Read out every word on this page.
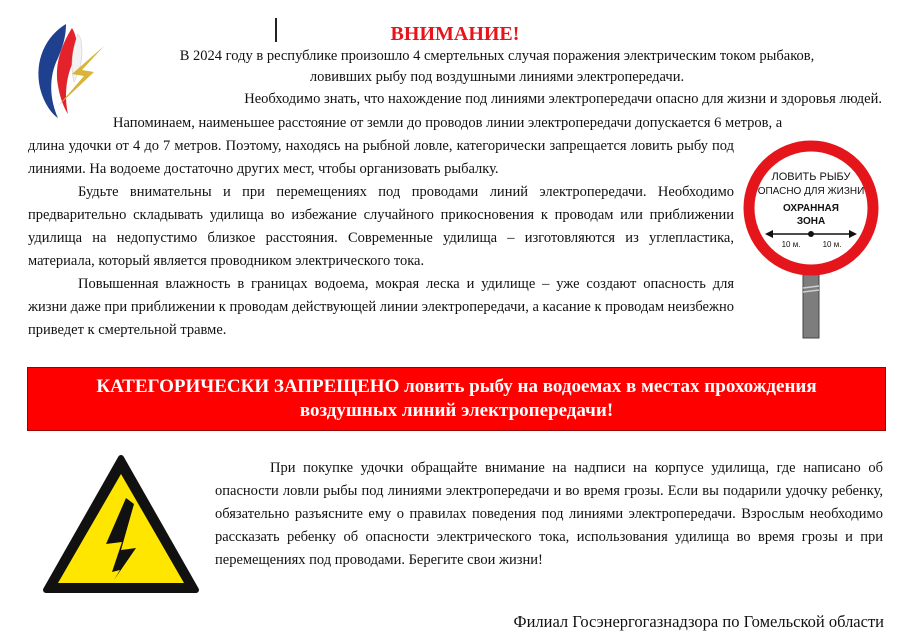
ВНИМАНИЕ!

В 2024 году в республике произошло 4 смертельных случая поражения электрическим током рыбаков,
ловивших рыбу под воздушными линиями электропередачи.

Необходимо знать, что нахождение под линиями электропередачи опасно для жизни и здоровья людей.

Напоминаем, наименьшее расстояние от земли до проводов линии электропередачи допускается 6 метров, а

длина удочки от 4 до 7 метров. Поэтому, находясь на рыбной ловле, категорически запрещается ловить рыбу под линиями. На водоеме достаточно других мест, чтобы организовать рыбалку.

Будьте внимательны и при перемещениях под проводами линий электропередачи. Необходимо предварительно складывать удилища во избежание случайного прикосновения к проводам или приближении удилища на недопустимо близкое расстояния. Современные удилища – изготовляются из углепластика, материала, который является проводником электрического тока.

Повышенная влажность в границах водоема, мокрая леска и удилище – уже создают опасность для жизни даже при приближении к проводам действующей линии электропередачи, а касание к проводам неизбежно приведет к смертельной травме.

ЛОВИТЬ РЫБУ
ОПАСНО ДЛЯ ЖИЗНИ
ОХРАННАЯ
ЗОНА
10 м.	10 м.
КАТЕГОРИЧЕСКИ ЗАПРЕЩЕНО ловить рыбу на водоемах в местах прохождения
воздушных линий электропередачи!

При покупке удочки обращайте внимание на надписи на корпусе удилища, где написано об опасности ловли рыбы под линиями электропередачи и во время грозы. Если вы подарили удочку ребенку, обязательно разъясните ему о правилах поведения под линиями электропередачи. Взрослым необходимо рассказать ребенку об опасности электрического тока, использования удилища во время грозы и при перемещениях под проводами. Берегите свои жизни!

Филиал Госэнергогазнадзора по Гомельской области
